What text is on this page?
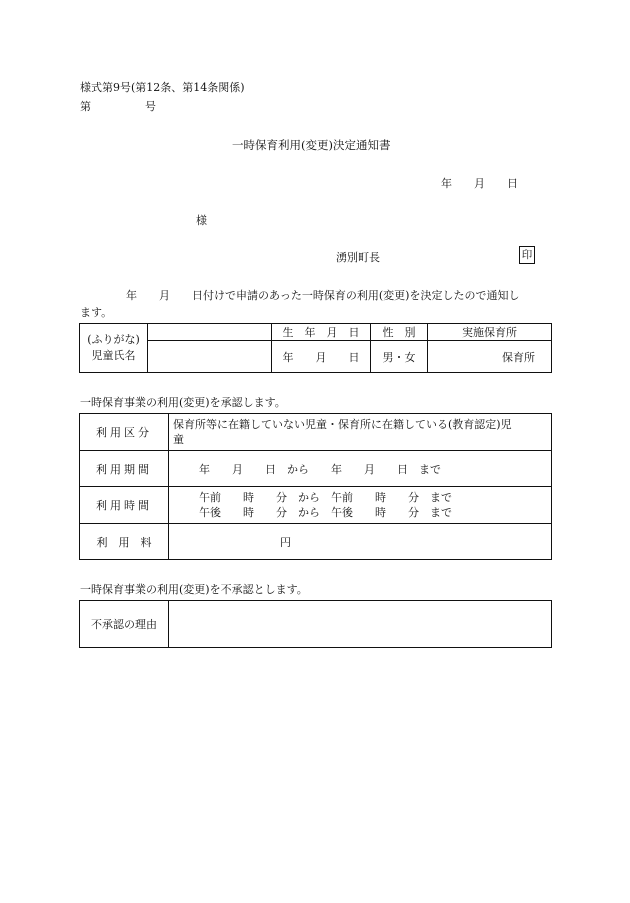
様式第9号(第12条、第14条関係)
第	号
一時保育利用(変更)決定通知書
年　　月　　日
様
湧別町長	印
年　　月　　日付けで申請のあった一時保育の利用(変更)を決定したので通知し
ます。
(ふりがな)
児童氏名		生　年　月　日	性　別	実施保育所
		年　　月　　日	男・女	保育所
一時保育事業の利用(変更)を承認します。
利用区分	保育所等に在籍していない児童・保育所に在籍している(教育認定)児
童

利用期間	年　　月　　日　から　　年　　月　　日　まで
利用時間	午前　　時　　分　から　午前　　時　　分　まで
午後　　時　　分　から　午後　　時　　分　まで

利　用　料	円
一時保育事業の利用(変更)を不承認とします。
不承認の理由	
